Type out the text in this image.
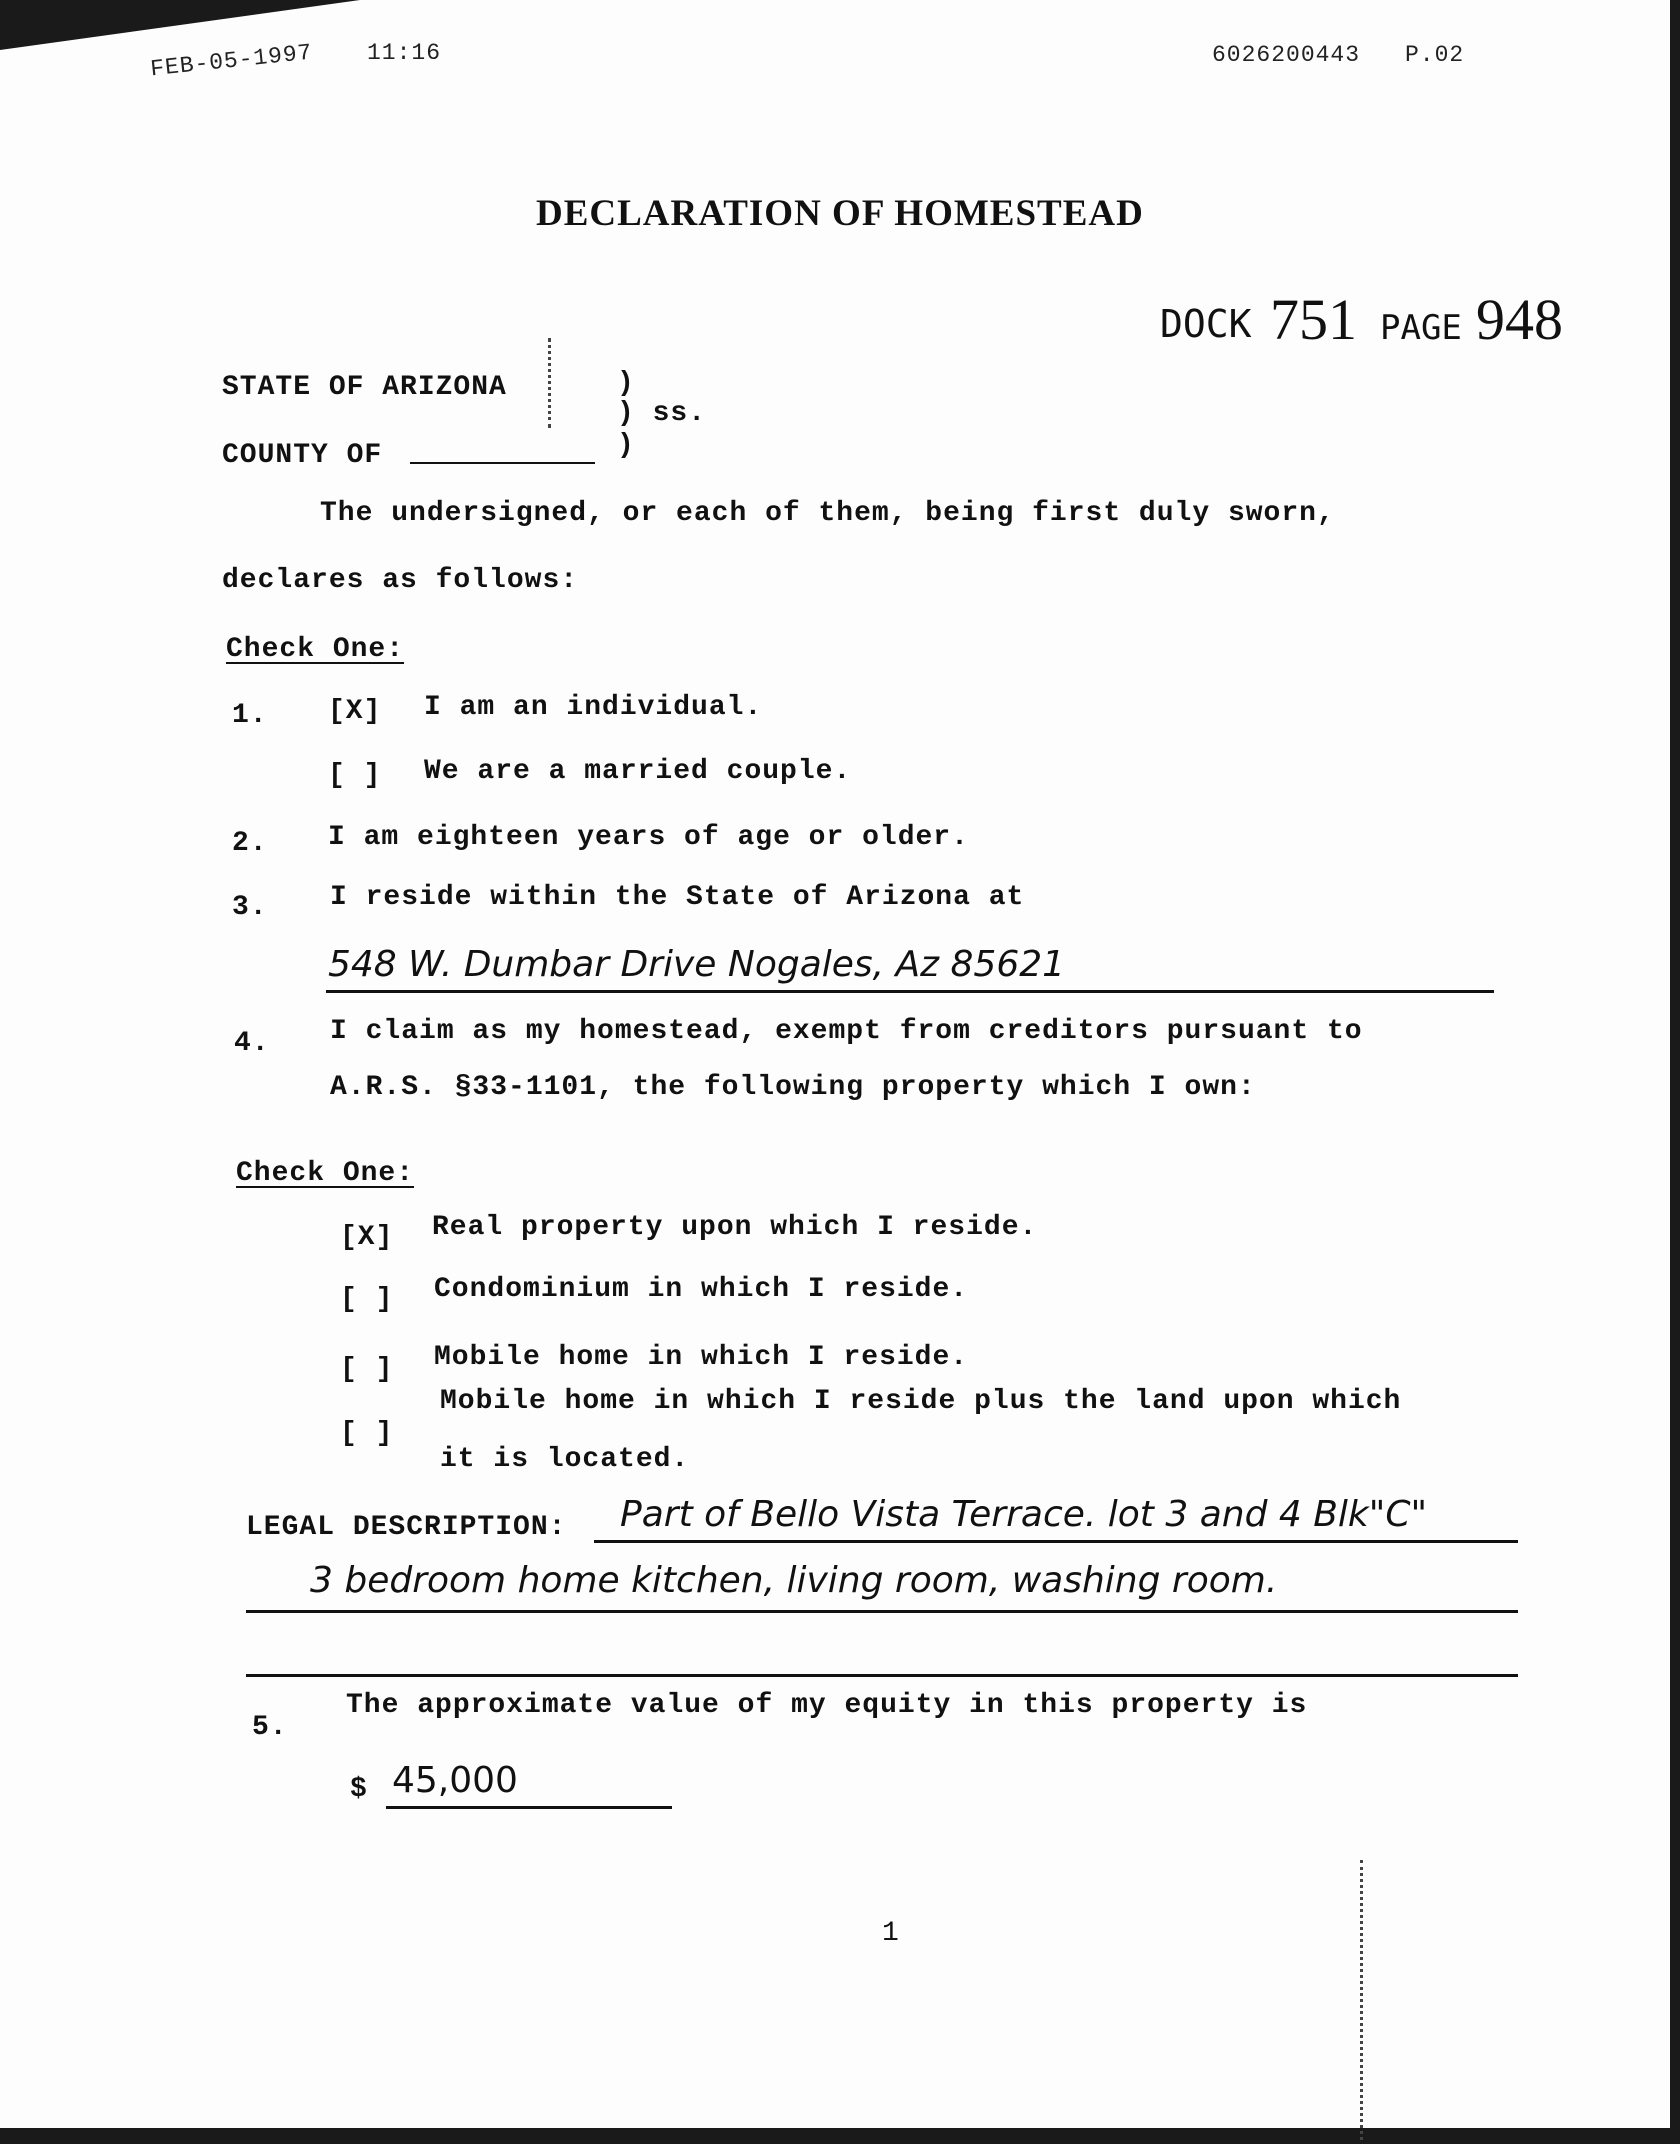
FEB-05-1997 11:16	6026200443 P.02
DECLARATION OF HOMESTEAD
DOCK 751 PAGE 948
STATE OF ARIZONA	)
) ss.
COUNTY OF	)
The undersigned, or each of them, being first duly sworn,
declares as follows:
Check One:
1. [X] I am an individual.
[ ] We are a married couple.
2. I am eighteen years of age or older.
3. I reside within the State of Arizona at
548 W. Dumbar Drive Nogales, Az 85621
4. I claim as my homestead, exempt from creditors pursuant to
A.R.S. §33-1101, the following property which I own:
Check One:
[X] Real property upon which I reside.
[ ] Condominium in which I reside.
[ ] Mobile home in which I reside.
[ ]
Mobile home in which I reside plus the land upon which
it is located.
LEGAL DESCRIPTION: Part of Bello Vista Terrace. lot 3 and 4 Blk"C"
3 bedroom home kitchen, living room, washing room.
5.
The approximate value of my equity in this property is
$ 45,000
1
